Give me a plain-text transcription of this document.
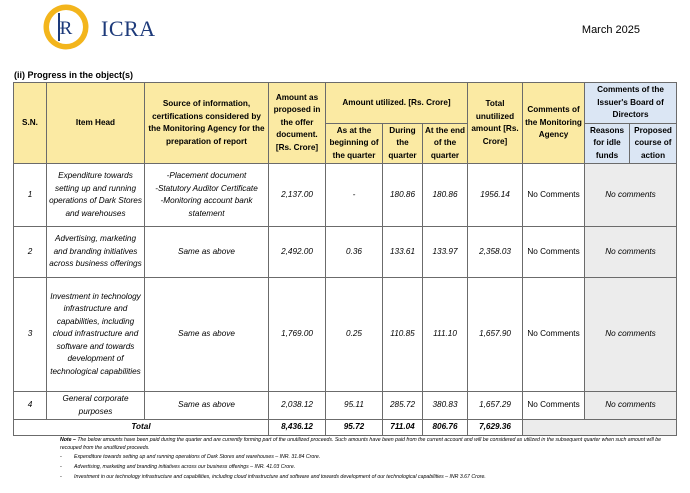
Ɍ ICRA	March 2025
(ii) Progress in the object(s)
S.N.	Item Head	Source of information, certifications considered by the Monitoring Agency for the preparation of report	Amount as proposed in the offer document. [Rs. Crore]	Amount utilized. [Rs. Crore]			Total unutilized amount [Rs. Crore]	Comments of the Monitoring Agency	Comments of the Issuer's Board of Directors	
				As at the beginning of the quarter	During the quarter	At the end of the quarter			Reasons for idle funds	Proposed course of action
1	Expenditure towards setting up and running operations of Dark Stores and warehouses	-Placement document
-Statutory Auditor Certificate
-Monitoring account bank statement	2,137.00	-	180.86	180.86	1956.14	No Comments	No comments	
2	Advertising, marketing and branding initiatives across business offerings	Same as above	2,492.00	0.36	133.61	133.97	2,358.03	No Comments	No comments	
3	Investment in technology infrastructure and capabilities, including cloud infrastructure and software and towards development of technological capabilities	Same as above	1,769.00	0.25	110.85	111.10	1,657.90	No Comments	No comments	
4	General corporate purposes	Same as above	2,038.12	95.11	285.72	380.83	1,657.29	No Comments	No comments	
Total			8,436.12	95.72	711.04	806.76	7,629.36			
Note – The below amounts have been paid during the quarter and are currently forming part of the unutilized proceeds. Such amounts have been paid from the current account and will be considered as utilized in the subsequent quarter when such amount will be recouped from the unutilized proceeds.
- Expenditure towards setting up and running operations of Dark Stores and warehouses – INR. 31.84 Crore.
- Advertising, marketing and branding initiatives across our business offerings – INR. 41.03 Crore.
- Investment in our technology infrastructure and capabilities, including cloud infrastructure and software and towards development of our technological capabilities – INR 3.67 Crore.
